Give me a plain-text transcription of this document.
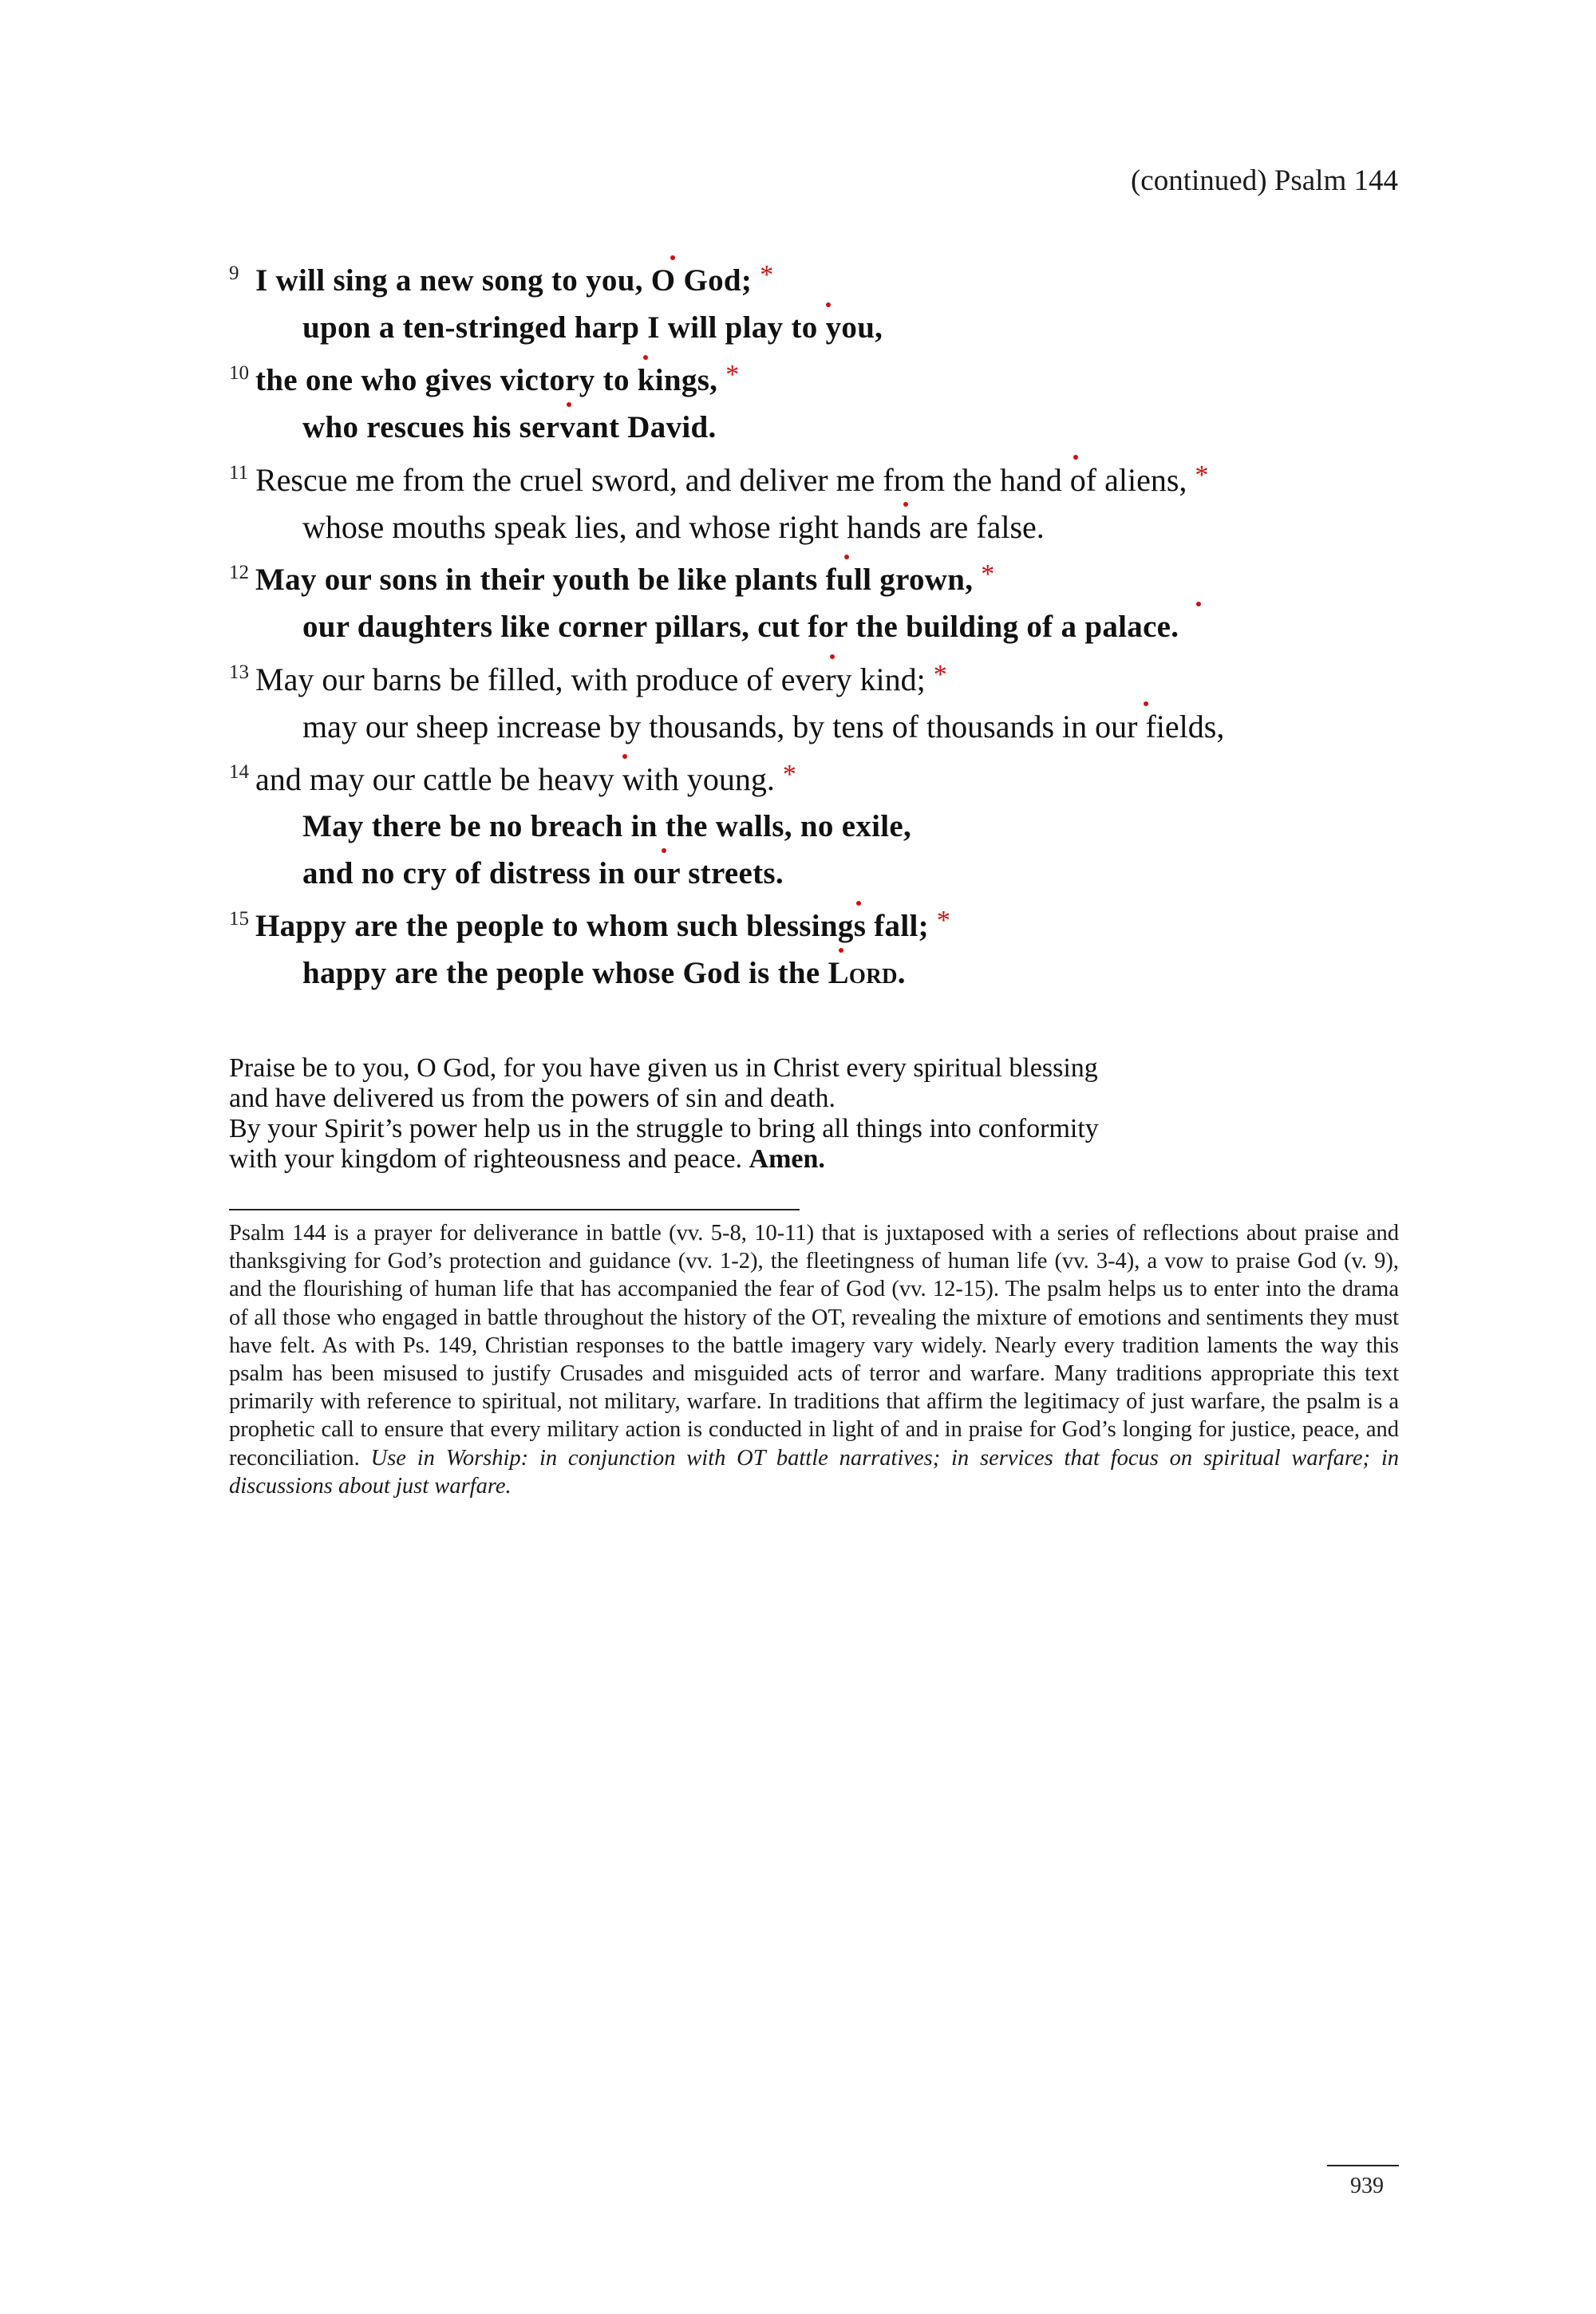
(continued) Psalm 144
9 I will sing a new song to you, O God; *
upon a ten-stringed harp I will play to you,
10 the one who gives victory to kings, *
who rescues his servant David.
11 Rescue me from the cruel sword, and deliver me from the hand of aliens, *
whose mouths speak lies, and whose right hands are false.
12 May our sons in their youth be like plants full grown, *
our daughters like corner pillars, cut for the building of a palace.
13 May our barns be filled, with produce of every kind; *
may our sheep increase by thousands, by tens of thousands in our fields,
14 and may our cattle be heavy with young. *
May there be no breach in the walls, no exile,
and no cry of distress in our streets.
15 Happy are the people to whom such blessings fall; *
happy are the people whose God is the Lord.
Praise be to you, O God, for you have given us in Christ every spiritual blessing
and have delivered us from the powers of sin and death.
By your Spirit’s power help us in the struggle to bring all things into conformity
with your kingdom of righteousness and peace. Amen.
Psalm 144 is a prayer for deliverance in battle (vv. 5-8, 10-11) that is juxtaposed with a series of reflections about praise and thanksgiving for God’s protection and guidance (vv. 1-2), the fleetingness of human life (vv. 3-4), a vow to praise God (v. 9), and the flourishing of human life that has accompanied the fear of God (vv. 12-15). The psalm helps us to enter into the drama of all those who engaged in battle throughout the history of the OT, revealing the mixture of emotions and sentiments they must have felt. As with Ps. 149, Christian responses to the battle imagery vary widely. Nearly every tradition laments the way this psalm has been misused to justify Crusades and misguided acts of terror and warfare. Many traditions appropriate this text primarily with reference to spiritual, not military, warfare. In traditions that affirm the legitimacy of just warfare, the psalm is a prophetic call to ensure that every military action is conducted in light of and in praise for God’s longing for justice, peace, and reconciliation. Use in Worship: in conjunction with OT battle narratives; in services that focus on spiritual warfare; in discussions about just warfare.
939
